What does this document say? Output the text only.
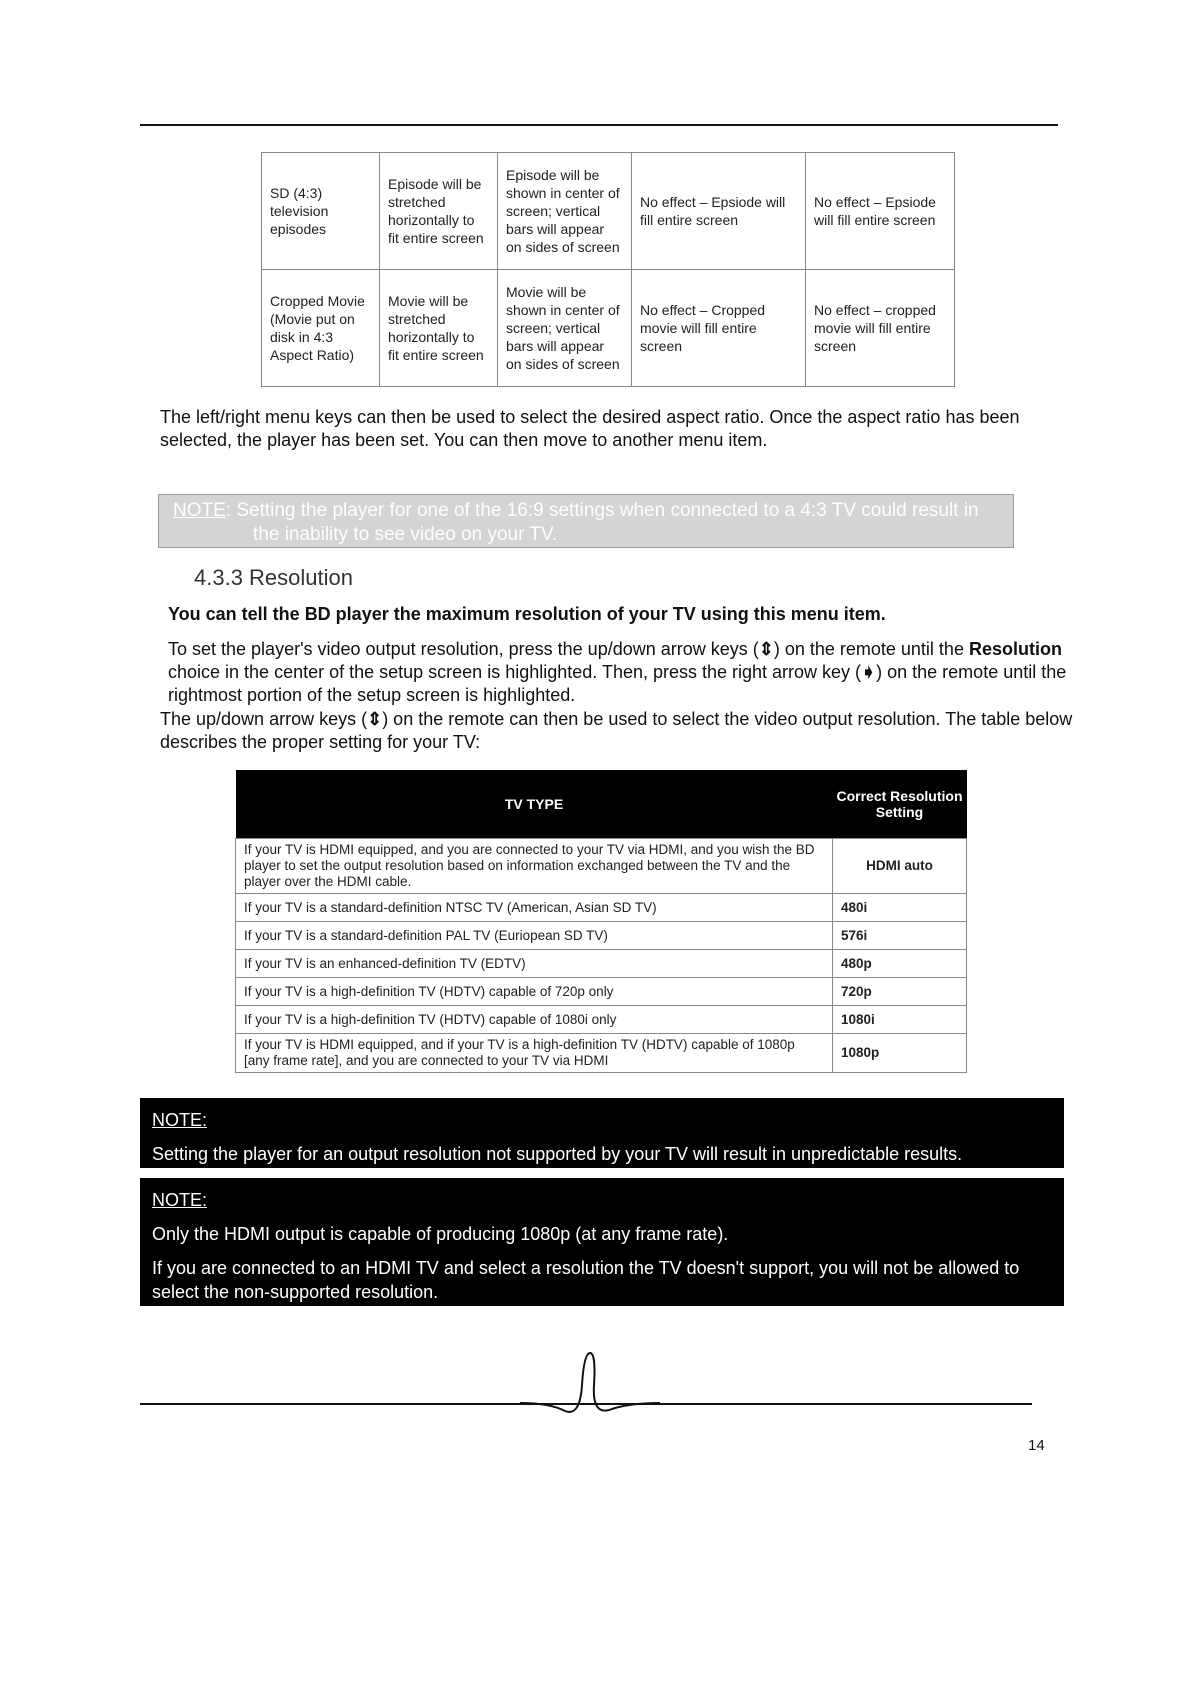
SD (4:3) television episodes	Episode will be stretched horizontally to fit entire screen	Episode will be shown in center of screen; vertical bars will appear on sides of screen	No effect – Epsiode will fill entire screen	No effect – Epsiode will fill entire screen
Cropped Movie (Movie put on disk in 4:3 Aspect Ratio)	Movie will be stretched horizontally to fit entire screen	Movie will be shown in center of screen; vertical bars will appear on sides of screen	No effect – Cropped movie will fill entire screen	No effect – cropped movie will fill entire screen
The left/right menu keys can then be used to select the desired aspect ratio. Once the aspect ratio has been selected, the player has been set. You can then move to another menu item.
NOTE: Setting the player for one of the 16:9 settings when connected to a 4:3 TV could result in
the inability to see video on your TV.
4.3.3 Resolution
You can tell the BD player the maximum resolution of your TV using this menu item.
To set the player's video output resolution, press the up/down arrow keys (⇕) on the remote until the Resolution choice in the center of the setup screen is highlighted. Then, press the right arrow key (➧) on the remote until the rightmost portion of the setup screen is highlighted.
The up/down arrow keys (⇕) on the remote can then be used to select the video output resolution. The table below describes the proper setting for your TV:
TV TYPE	Correct Resolution Setting
If your TV is HDMI equipped, and you are connected to your TV via HDMI, and you wish the BD player to set the output resolution based on information exchanged between the TV and the player over the HDMI cable.	HDMI auto
If your TV is a standard-definition NTSC TV (American, Asian SD TV)	480i
If your TV is a standard-definition PAL TV (Euriopean SD TV)	576i
If your TV is an enhanced-definition TV (EDTV)	480p
If your TV is a high-definition TV (HDTV) capable of 720p only	720p
If your TV is a high-definition TV (HDTV) capable of 1080i only	1080i
If your TV is HDMI equipped, and if your TV is a high-definition TV (HDTV) capable of 1080p [any frame rate], and you are connected to your TV via HDMI	1080p
NOTE:
Setting the player for an output resolution not supported by your TV will result in unpredictable results.
NOTE:
Only the HDMI output is capable of producing 1080p (at any frame rate).
If you are connected to an HDMI TV and select a resolution the TV doesn't support, you will not be allowed to select the non-supported resolution.
14
